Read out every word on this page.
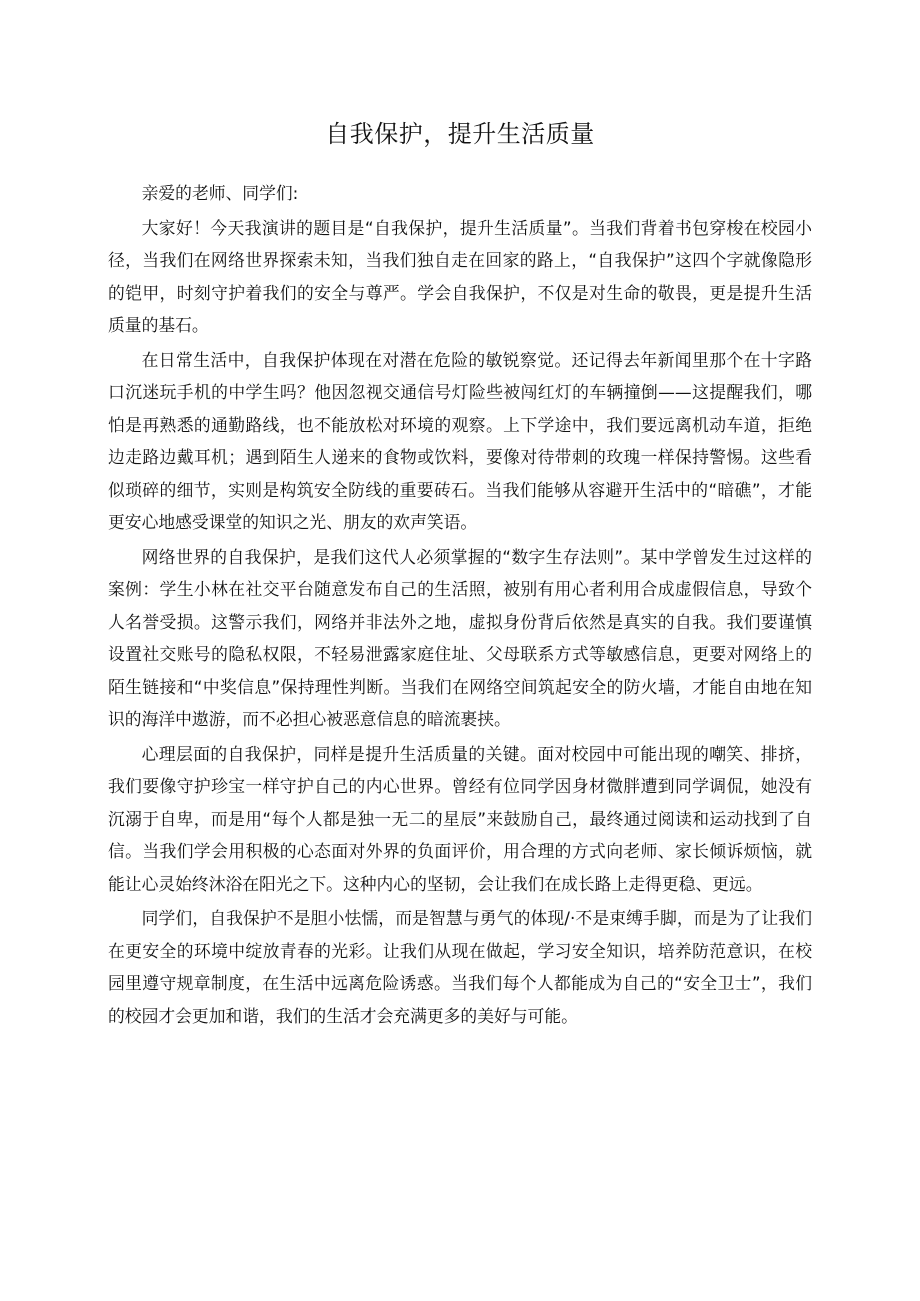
自我保护，提升生活质量

亲爱的老师、同学们:

大家好！今天我演讲的题目是“自我保护，提升生活质量”。当我们背着书包穿梭在校园小径，当我们在网络世界探索未知，当我们独自走在回家的路上，“自我保护”这四个字就像隐形的铠甲，时刻守护着我们的安全与尊严。学会自我保护，不仅是对生命的敬畏，更是提升生活质量的基石。

在日常生活中，自我保护体现在对潜在危险的敏锐察觉。还记得去年新闻里那个在十字路口沉迷玩手机的中学生吗？他因忽视交通信号灯险些被闯红灯的车辆撞倒——这提醒我们，哪怕是再熟悉的通勤路线，也不能放松对环境的观察。上下学途中，我们要远离机动车道，拒绝边走路边戴耳机；遇到陌生人递来的食物或饮料，要像对待带刺的玫瑰一样保持警惕。这些看似琐碎的细节，实则是构筑安全防线的重要砖石。当我们能够从容避开生活中的“暗礁”，才能更安心地感受课堂的知识之光、朋友的欢声笑语。

网络世界的自我保护，是我们这代人必须掌握的“数字生存法则”。某中学曾发生过这样的案例：学生小林在社交平台随意发布自己的生活照，被别有用心者利用合成虚假信息，导致个人名誉受损。这警示我们，网络并非法外之地，虚拟身份背后依然是真实的自我。我们要谨慎设置社交账号的隐私权限，不轻易泄露家庭住址、父母联系方式等敏感信息，更要对网络上的陌生链接和“中奖信息”保持理性判断。当我们在网络空间筑起安全的防火墙，才能自由地在知识的海洋中遨游，而不必担心被恶意信息的暗流裹挟。

心理层面的自我保护，同样是提升生活质量的关键。面对校园中可能出现的嘲笑、排挤，我们要像守护珍宝一样守护自己的内心世界。曾经有位同学因身材微胖遭到同学调侃，她没有沉溺于自卑，而是用“每个人都是独一无二的星辰”来鼓励自己，最终通过阅读和运动找到了自信。当我们学会用积极的心态面对外界的负面评价，用合理的方式向老师、家长倾诉烦恼，就能让心灵始终沐浴在阳光之下。这种内心的坚韧，会让我们在成长路上走得更稳、更远。

同学们，自我保护不是胆小怯懦，而是智慧与勇气的体现/·不是束缚手脚，而是为了让我们在更安全的环境中绽放青春的光彩。让我们从现在做起，学习安全知识，培养防范意识，在校园里遵守规章制度，在生活中远离危险诱惑。当我们每个人都能成为自己的“安全卫士”，我们的校园才会更加和谐，我们的生活才会充满更多的美好与可能。
